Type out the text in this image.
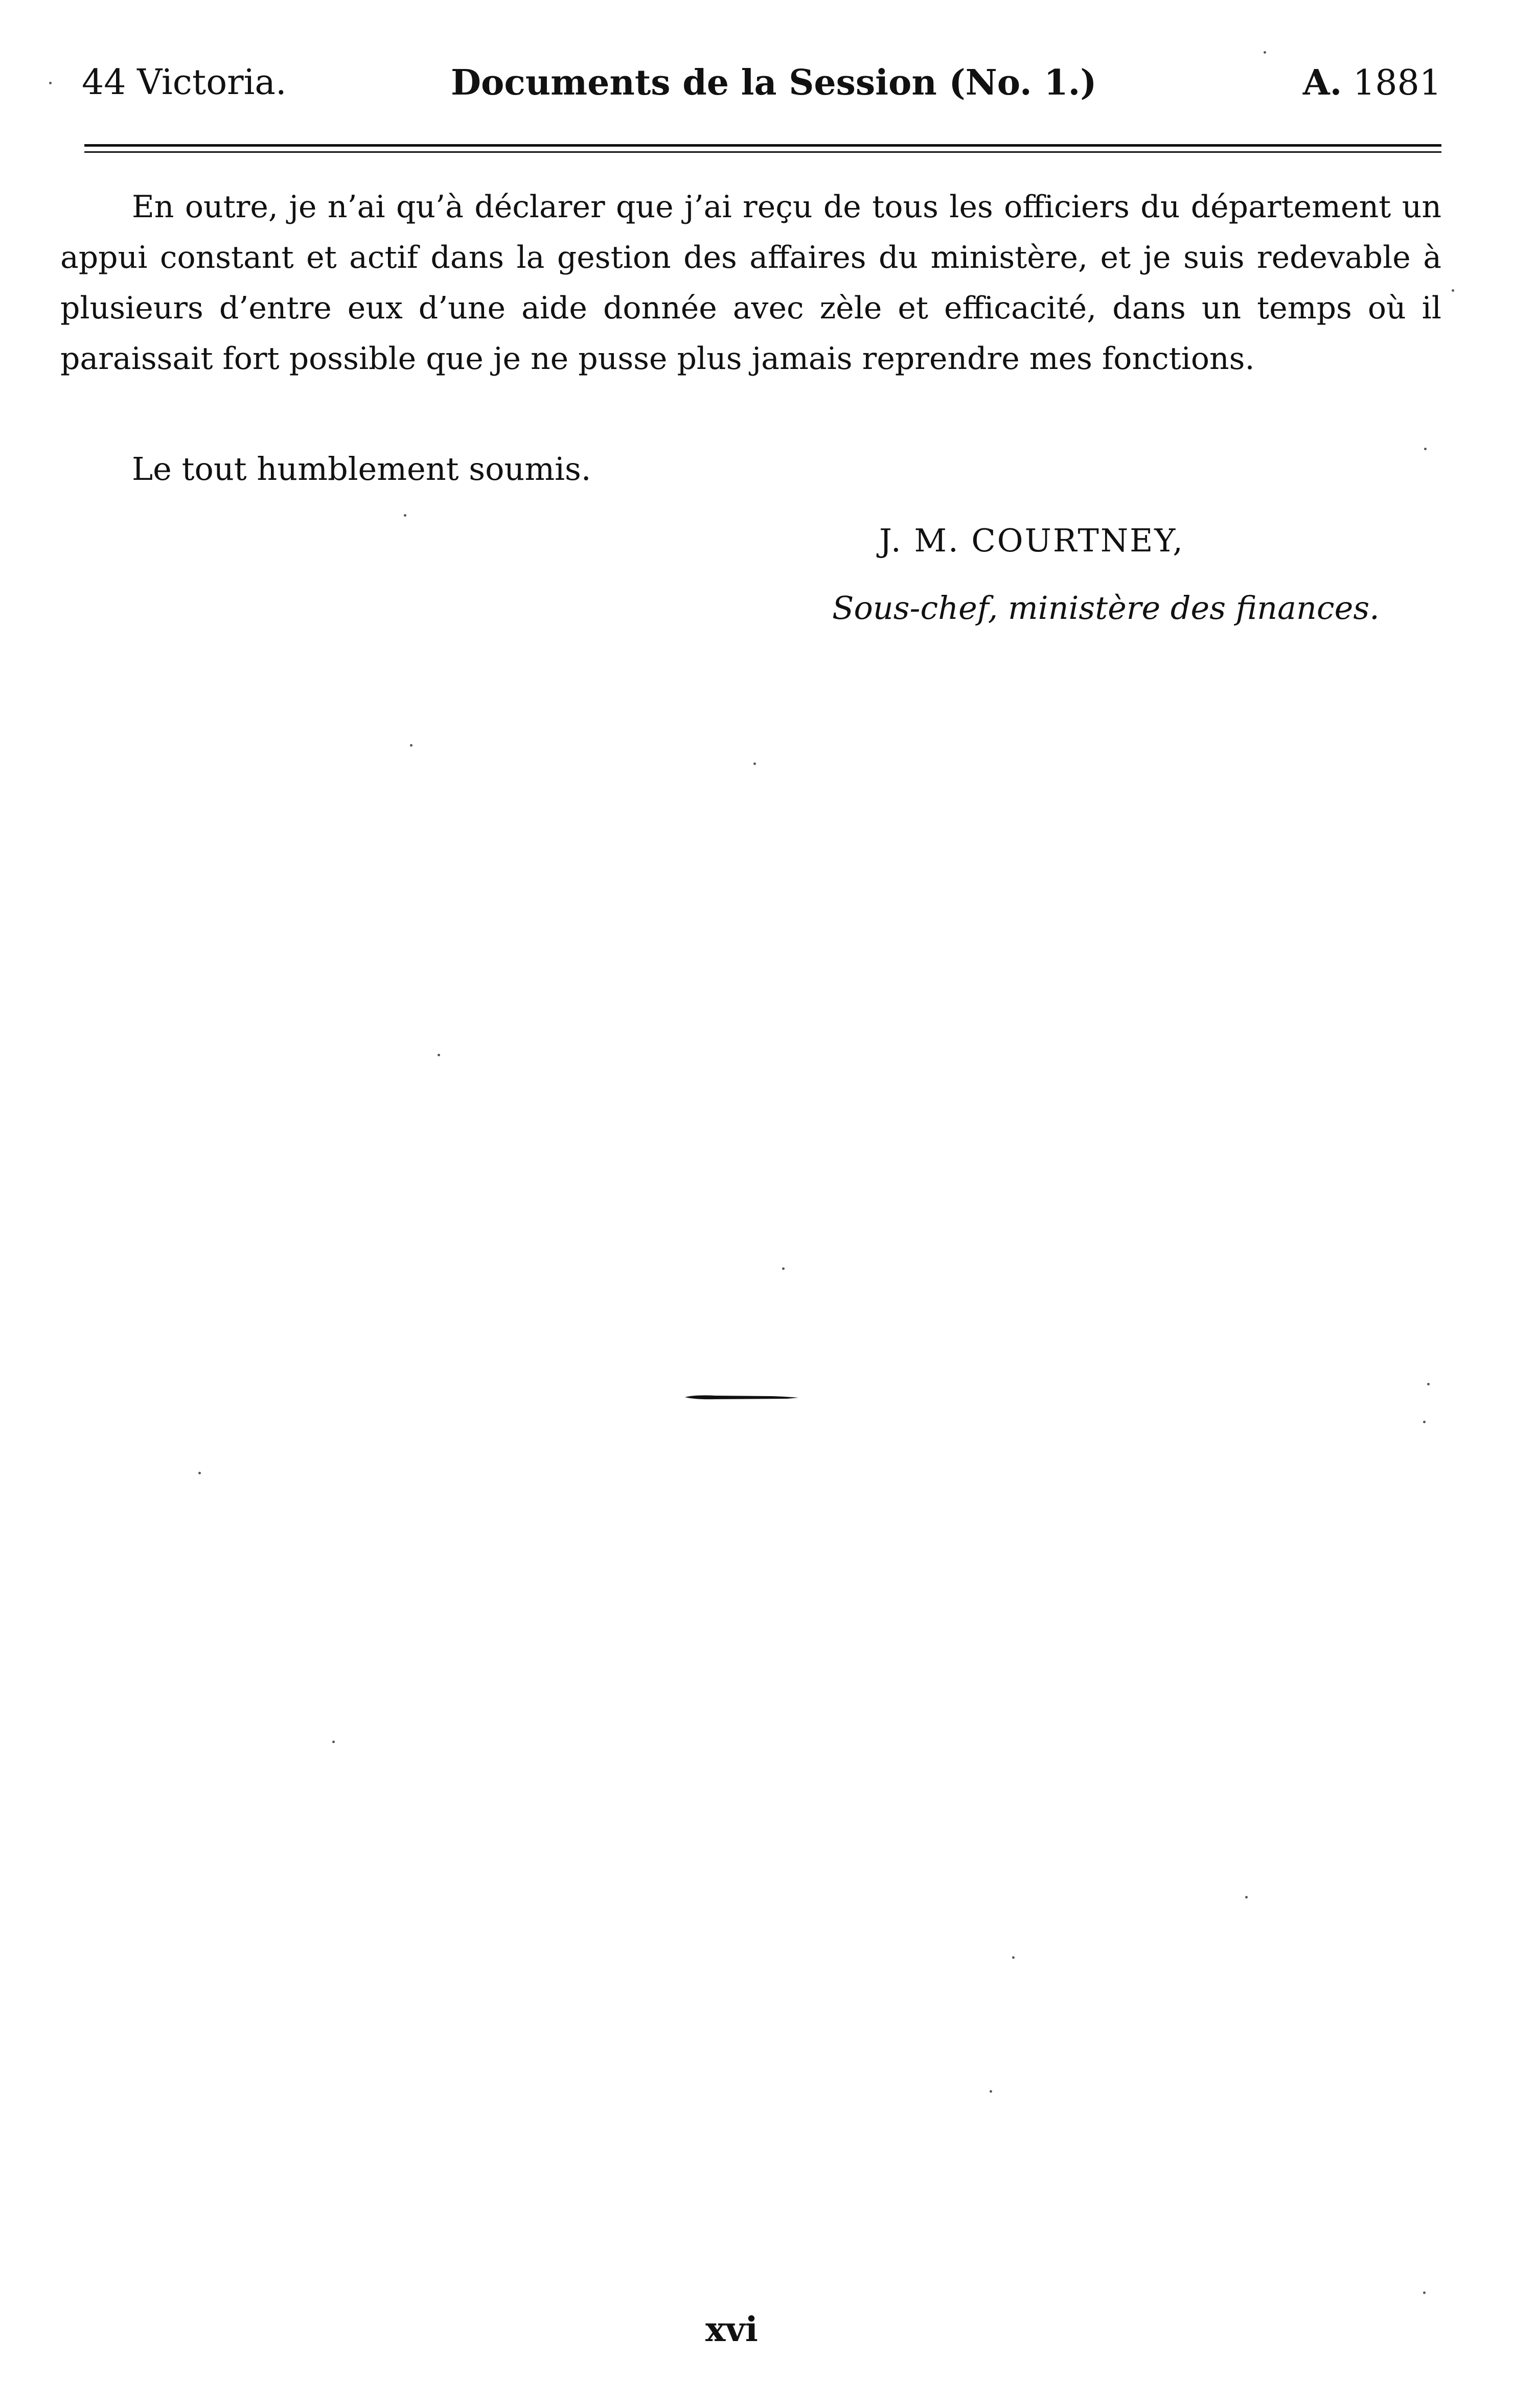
44 Victoria.	Documents de la Session (No. 1.)	A. 1881

En outre, je n’ai qu’à déclarer que j’ai reçu de tous les officiers du département un appui constant et actif dans la gestion des affaires du ministère, et je suis redevable à plusieurs d’entre eux d’une aide donnée avec zèle et efficacité, dans un temps où il paraissait fort possible que je ne pusse plus jamais reprendre mes fonctions.

Le tout humblement soumis.
J. M. COURTNEY,
Sous-chef, ministère des finances.
xvi
